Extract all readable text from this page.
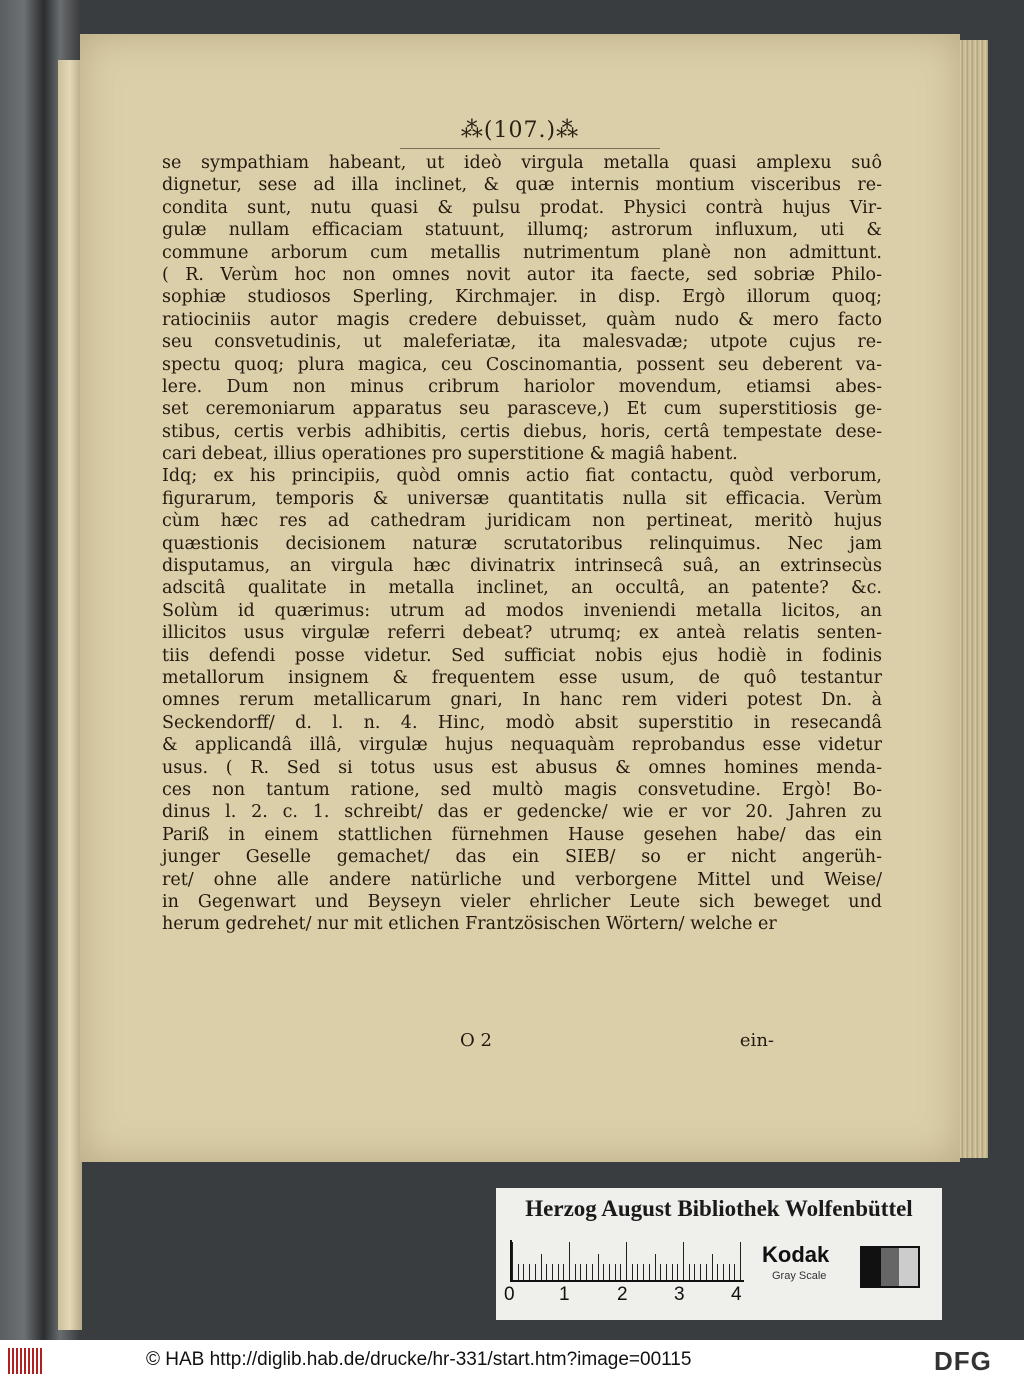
⁂(107.)⁂
se sympathiam habeant, ut ideò virgula metalla quasi amplexu suô
dignetur, sese ad illa inclinet, & quæ internis montium visceribus re-
condita sunt, nutu quasi & pulsu prodat. Physici contrà hujus Vir-
gulæ nullam efficaciam statuunt, illumq; astrorum influxum, uti &
commune arborum cum metallis nutrimentum planè non admittunt.
( R. Verùm hoc non omnes novit autor ita faecte, sed sobriæ Philo-
sophiæ studiosos Sperling, Kirchmajer. in disp. Ergò illorum quoq;
ratiociniis autor magis credere debuisset, quàm nudo & mero facto
seu consvetudinis, ut maleferiatæ, ita malesvadæ; utpote cujus re-
spectu quoq; plura magica, ceu Coscinomantia, possent seu deberent va-
lere. Dum non minus cribrum hariolor movendum, etiamsi abes-
set ceremoniarum apparatus seu parasceve,) Et cum superstitiosis ge-
stibus, certis verbis adhibitis, certis diebus, horis, certâ tempestate dese-
cari debeat, illius operationes pro superstitione & magiâ habent.
Idq; ex his principiis, quòd omnis actio fiat contactu, quòd verborum,
figurarum, temporis & universæ quantitatis nulla sit efficacia. Verùm
cùm hæc res ad cathedram juridicam non pertineat, meritò hujus
quæstionis decisionem naturæ scrutatoribus relinquimus. Nec jam
disputamus, an virgula hæc divinatrix intrinsecâ suâ, an extrinsecùs
adscitâ qualitate in metalla inclinet, an occultâ, an patente? &c.
Solùm id quærimus: utrum ad modos inveniendi metalla licitos, an
illicitos usus virgulæ referri debeat? utrumq; ex anteà relatis senten-
tiis defendi posse videtur. Sed sufficiat nobis ejus hodiè in fodinis
metallorum insignem & frequentem esse usum, de quô testantur
omnes rerum metallicarum gnari, In hanc rem videri potest Dn. à
Seckendorff/ d. l. n. 4. Hinc, modò absit superstitio in resecandâ
& applicandâ illâ, virgulæ hujus nequaquàm reprobandus esse videtur
usus. ( R. Sed si totus usus est abusus & omnes homines menda-
ces non tantum ratione, sed multò magis consvetudine. Ergò! Bo-
dinus l. 2. c. 1. schreibt/ das er gedencke/ wie er vor 20. Jahren zu
Pariß in einem stattlichen fürnehmen Hause gesehen habe/ das ein
junger Geselle gemachet/ das ein SIEB/ so er nicht angerüh-
ret/ ohne alle andere natürliche und verborgene Mittel und Weise/
in Gegenwart und Beyseyn vieler ehrlicher Leute sich beweget und
herum gedrehet/ nur mit etlichen Frantzösischen Wörtern/ welche er
O 2	ein-
Herzog August Bibliothek Wolfenbüttel
0 1 2 3 4
Kodak
Gray Scale
© HAB http://diglib.hab.de/drucke/hr-331/start.htm?image=00115	DFG
